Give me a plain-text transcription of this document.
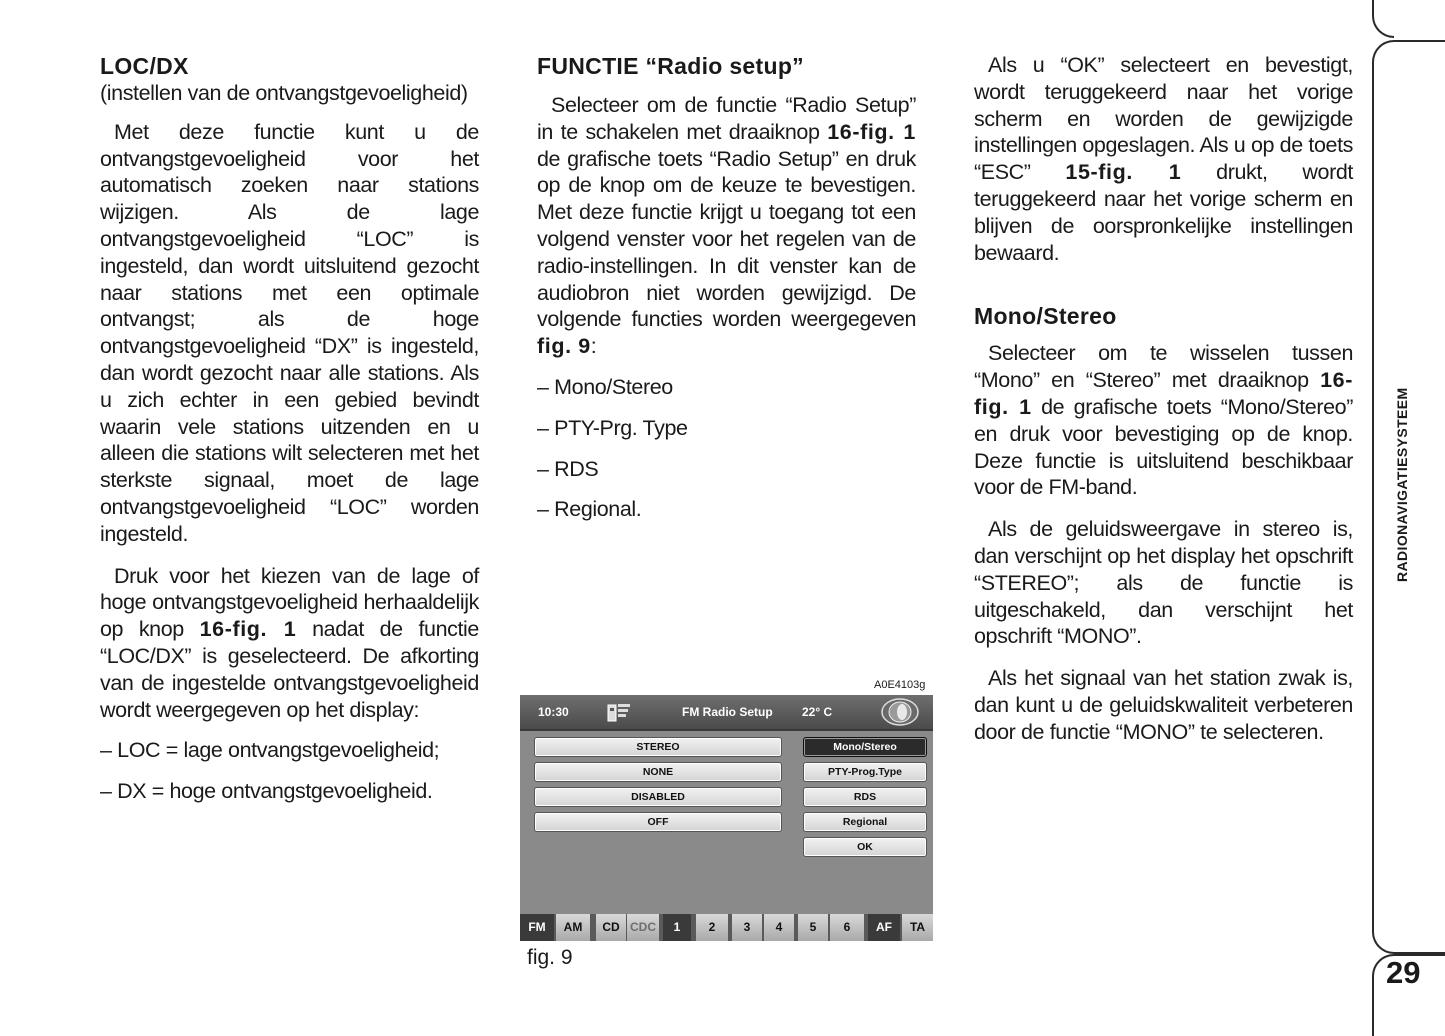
LOC/DX

(instellen van de ontvangstgevoeligheid)

Met deze functie kunt u de ontvangstgevoeligheid voor het automatisch zoeken naar stations wijzigen. Als de lage ontvangstgevoeligheid “LOC” is ingesteld, dan wordt uitsluitend gezocht naar stations met een optimale ontvangst; als de hoge ontvangstgevoeligheid “DX” is ingesteld, dan wordt gezocht naar alle stations. Als u zich echter in een gebied bevindt waarin vele stations uitzenden en u alleen die stations wilt selecteren met het sterkste signaal, moet de lage ontvangstgevoeligheid “LOC” worden ingesteld.

Druk voor het kiezen van de lage of hoge ontvangstgevoeligheid herhaaldelijk op knop 16-fig. 1 nadat de functie “LOC/DX” is geselecteerd. De afkorting van de ingestelde ontvangstgevoeligheid wordt weergegeven op het display:

– LOC = lage ontvangstgevoeligheid;

– DX = hoge ontvangstgevoeligheid.

FUNCTIE “Radio setup”

Selecteer om de functie “Radio Setup” in te schakelen met draaiknop 16-fig. 1 de grafische toets “Radio Setup” en druk op de knop om de keuze te bevestigen. Met deze functie krijgt u toegang tot een volgend venster voor het regelen van de radio-instellingen. In dit venster kan de audiobron niet worden gewijzigd. De volgende functies worden weergegeven fig. 9:

– Mono/Stereo

– PTY-Prg. Type

– RDS

– Regional.

Als u “OK” selecteert en bevestigt, wordt teruggekeerd naar het vorige scherm en worden de gewijzigde instellingen opgeslagen. Als u op de toets “ESC” 15-fig. 1 drukt, wordt teruggekeerd naar het vorige scherm en blijven de oorspronkelijke instellingen bewaard.

Mono/Stereo

Selecteer om te wisselen tussen “Mono” en “Stereo” met draaiknop 16-fig. 1 de grafische toets “Mono/Stereo” en druk voor bevestiging op de knop. Deze functie is uitsluitend beschikbaar voor de FM-band.

Als de geluidsweergave in stereo is, dan verschijnt op het display het opschrift “STEREO”; als de functie is uitgeschakeld, dan verschijnt het opschrift “MONO”.

Als het signaal van het station zwak is, dan kunt u de geluidskwaliteit verbeteren door de functie “MONO” te selecteren.

RADIONAVIGATIESYSTEEM
29
A0E4103g
10:30	FM Radio Setup 22° C
STEREO
NONE
DISABLED
OFF
Mono/Stereo
PTY-Prog.Type
RDS
Regional
OK
FM	AM	CD CDC	1	2	3	4	5	6	AF	TA
fig. 9
